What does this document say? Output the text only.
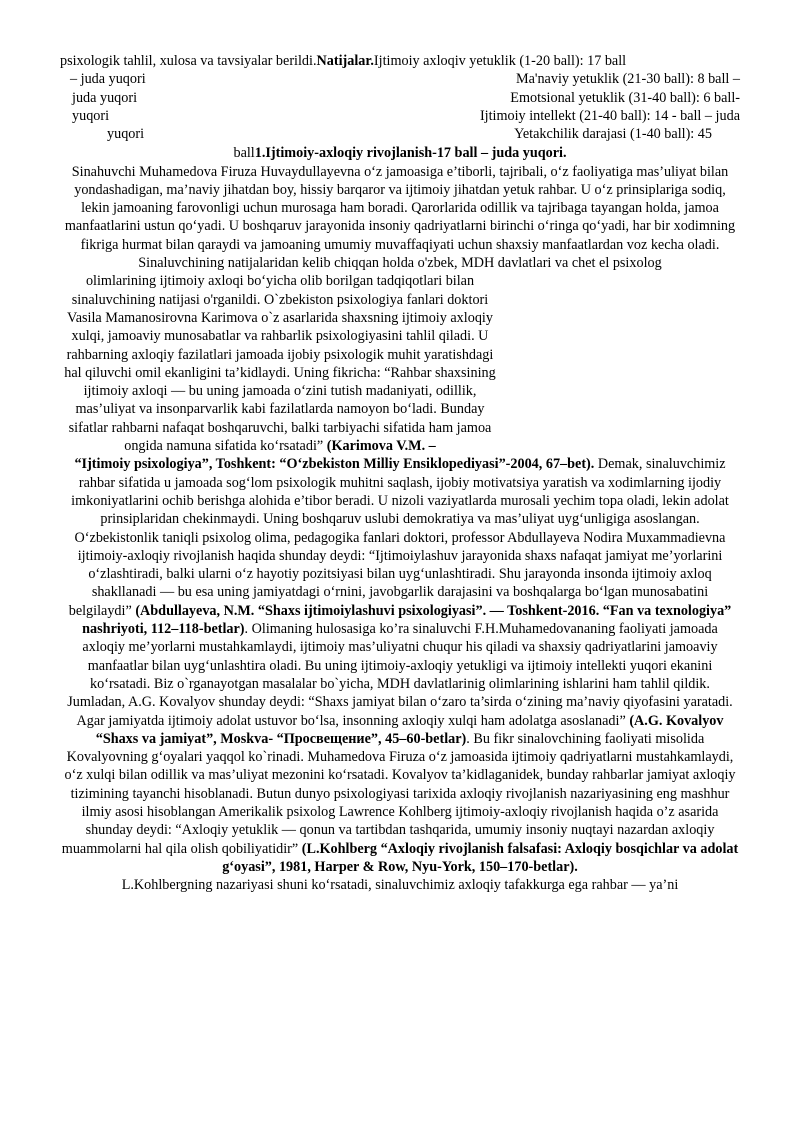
psixologik tahlil, xulosa va tavsiyalar berildi.Natijalar.Ijtimoiy axloqiv yetuklik (1-20 ball): 17 ball

– juda yuqori	Ma'naviy yetuklik (21-30 ball): 8 ball –
juda yuqori	Emotsional yetuklik (31-40 ball): 6 ball-
yuqori	Ijtimoiy intellekt (21-40 ball): 14 - ball – juda
yuqori	Yetakchilik darajasi (1-40 ball): 45

ball1.Ijtimoiy-axloqiy rivojlanish-17 ball – juda yuqori.

Sinahuvchi Muhamedova Firuza Huvaydullayevna o‘z jamoasiga e’tiborli, tajribali, o‘z faoliyatiga mas’uliyat bilan yondashadigan, ma’naviy jihatdan boy, hissiy barqaror va ijtimoiy jihatdan yetuk rahbar. U o‘z prinsiplariga sodiq, lekin jamoaning farovonligi uchun murosaga ham boradi. Qarorlarida odillik va tajribaga tayangan holda, jamoa manfaatlarini ustun qo‘yadi. U boshqaruv jarayonida insoniy qadriyatlarni birinchi o‘ringa qo‘yadi, har bir xodimning fikriga hurmat bilan qaraydi va jamoaning umumiy muvaffaqiyati uchun shaxsiy manfaatlardan voz kecha oladi.

Sinaluvchining natijalaridan kelib chiqqan holda o'zbek, MDH davlatlari va chet el psixolog

olimlarining ijtimoiy axloqi bo‘yicha olib borilgan tadqiqotlari bilan sinaluvchining natijasi o'rganildi. O`zbekiston psixologiya fanlari doktori Vasila Mamanosirovna Karimova o`z asarlarida shaxsning ijtimoiy axloqiy xulqi, jamoaviy munosabatlar va rahbarlik psixologiyasini tahlil qiladi. U rahbarning axloqiy fazilatlari jamoada ijobiy psixologik muhit yaratishdagi hal qiluvchi omil ekanligini ta’kidlaydi. Uning fikricha: “Rahbar shaxsining ijtimoiy axloqi — bu uning jamoada o‘zini tutish madaniyati, odillik, mas’uliyat va insonparvarlik kabi fazilatlarda namoyon bo‘ladi. Bunday sifatlar rahbarni nafaqat boshqaruvchi, balki tarbiyachi sifatida ham jamoa ongida namuna sifatida ko‘rsatadi” (Karimova V.M. –

“Ijtimoiy psixologiya”, Toshkent: “O‘zbekiston Milliy Ensiklopediyasi”-2004, 67–bet). Demak, sinaluvchimiz rahbar sifatida u jamoada sog‘lom psixologik muhitni saqlash, ijobiy motivatsiya yaratish va xodimlarning ijodiy imkoniyatlarini ochib berishga alohida e’tibor beradi. U nizoli vaziyatlarda murosali yechim topa oladi, lekin adolat prinsiplaridan chekinmaydi. Uning boshqaruv uslubi demokratiya va mas’uliyat uyg‘unligiga asoslangan. O‘zbekistonlik taniqli psixolog olima, pedagogika fanlari doktori, professor Abdullayeva Nodira Muxammadievna ijtimoiy-axloqiy rivojlanish haqida shunday deydi: “Ijtimoiylashuv jarayonida shaxs nafaqat jamiyat me’yorlarini o‘zlashtiradi, balki ularni o‘z hayotiy pozitsiyasi bilan uyg‘unlashtiradi. Shu jarayonda insonda ijtimoiy axloq shakllanadi — bu esa uning jamiyatdagi o‘rnini, javobgarlik darajasini va boshqalarga bo‘lgan munosabatini belgilaydi” (Abdullayeva, N.M. “Shaxs ijtimoiylashuvi psixologiyasi”. — Toshkent-2016. “Fan va texnologiya” nashriyoti, 112–118-betlar). Olimaning hulosasiga ko’ra sinaluvchi F.H.Muhamedovananing faoliyati jamoada axloqiy me’yorlarni mustahkamlaydi, ijtimoiy mas’uliyatni chuqur his qiladi va shaxsiy qadriyatlarini jamoaviy manfaatlar bilan uyg‘unlashtira oladi. Bu uning ijtimoiy-axloqiy yetukligi va ijtimoiy intellekti yuqori ekanini ko‘rsatadi. Biz o`rganayotgan masalalar bo`yicha, MDH davlatlarinig olimlarining ishlarini ham tahlil qildik. Jumladan, A.G. Kovalyov shunday deydi: “Shaxs jamiyat bilan o‘zaro ta’sirda o‘zining ma’naviy qiyofasini yaratadi. Agar jamiyatda ijtimoiy adolat ustuvor bo‘lsa, insonning axloqiy xulqi ham adolatga asoslanadi” (A.G. Kovalyov “Shaxs va jamiyat”, Moskva- “Просвещение”, 45–60-betlar). Bu fikr sinalovchining faoliyati misolida Kovalyovning g‘oyalari yaqqol ko`rinadi. Muhamedova Firuza o‘z jamoasida ijtimoiy qadriyatlarni mustahkamlaydi, o‘z xulqi bilan odillik va mas’uliyat mezonini ko‘rsatadi. Kovalyov ta’kidlaganidek, bunday rahbarlar jamiyat axloqiy tizimining tayanchi hisoblanadi. Butun dunyo psixologiyasi tarixida axloqiy rivojlanish nazariyasining eng mashhur ilmiy asosi hisoblangan Amerikalik psixolog Lawrence Kohlberg ijtimoiy-axloqiy rivojlanish haqida o’z asarida shunday deydi: “Axloqiy yetuklik — qonun va tartibdan tashqarida, umumiy insoniy nuqtayi nazardan axloqiy muammolarni hal qila olish qobiliyatidir” (L.Kohlberg “Axloqiy rivojlanish falsafasi: Axloqiy bosqichlar va adolat g‘oyasi”, 1981, Harper & Row, Nyu-York, 150–170-betlar).

L.Kohlbergning nazariyasi shuni ko‘rsatadi, sinaluvchimiz axloqiy tafakkurga ega rahbar — ya’ni
